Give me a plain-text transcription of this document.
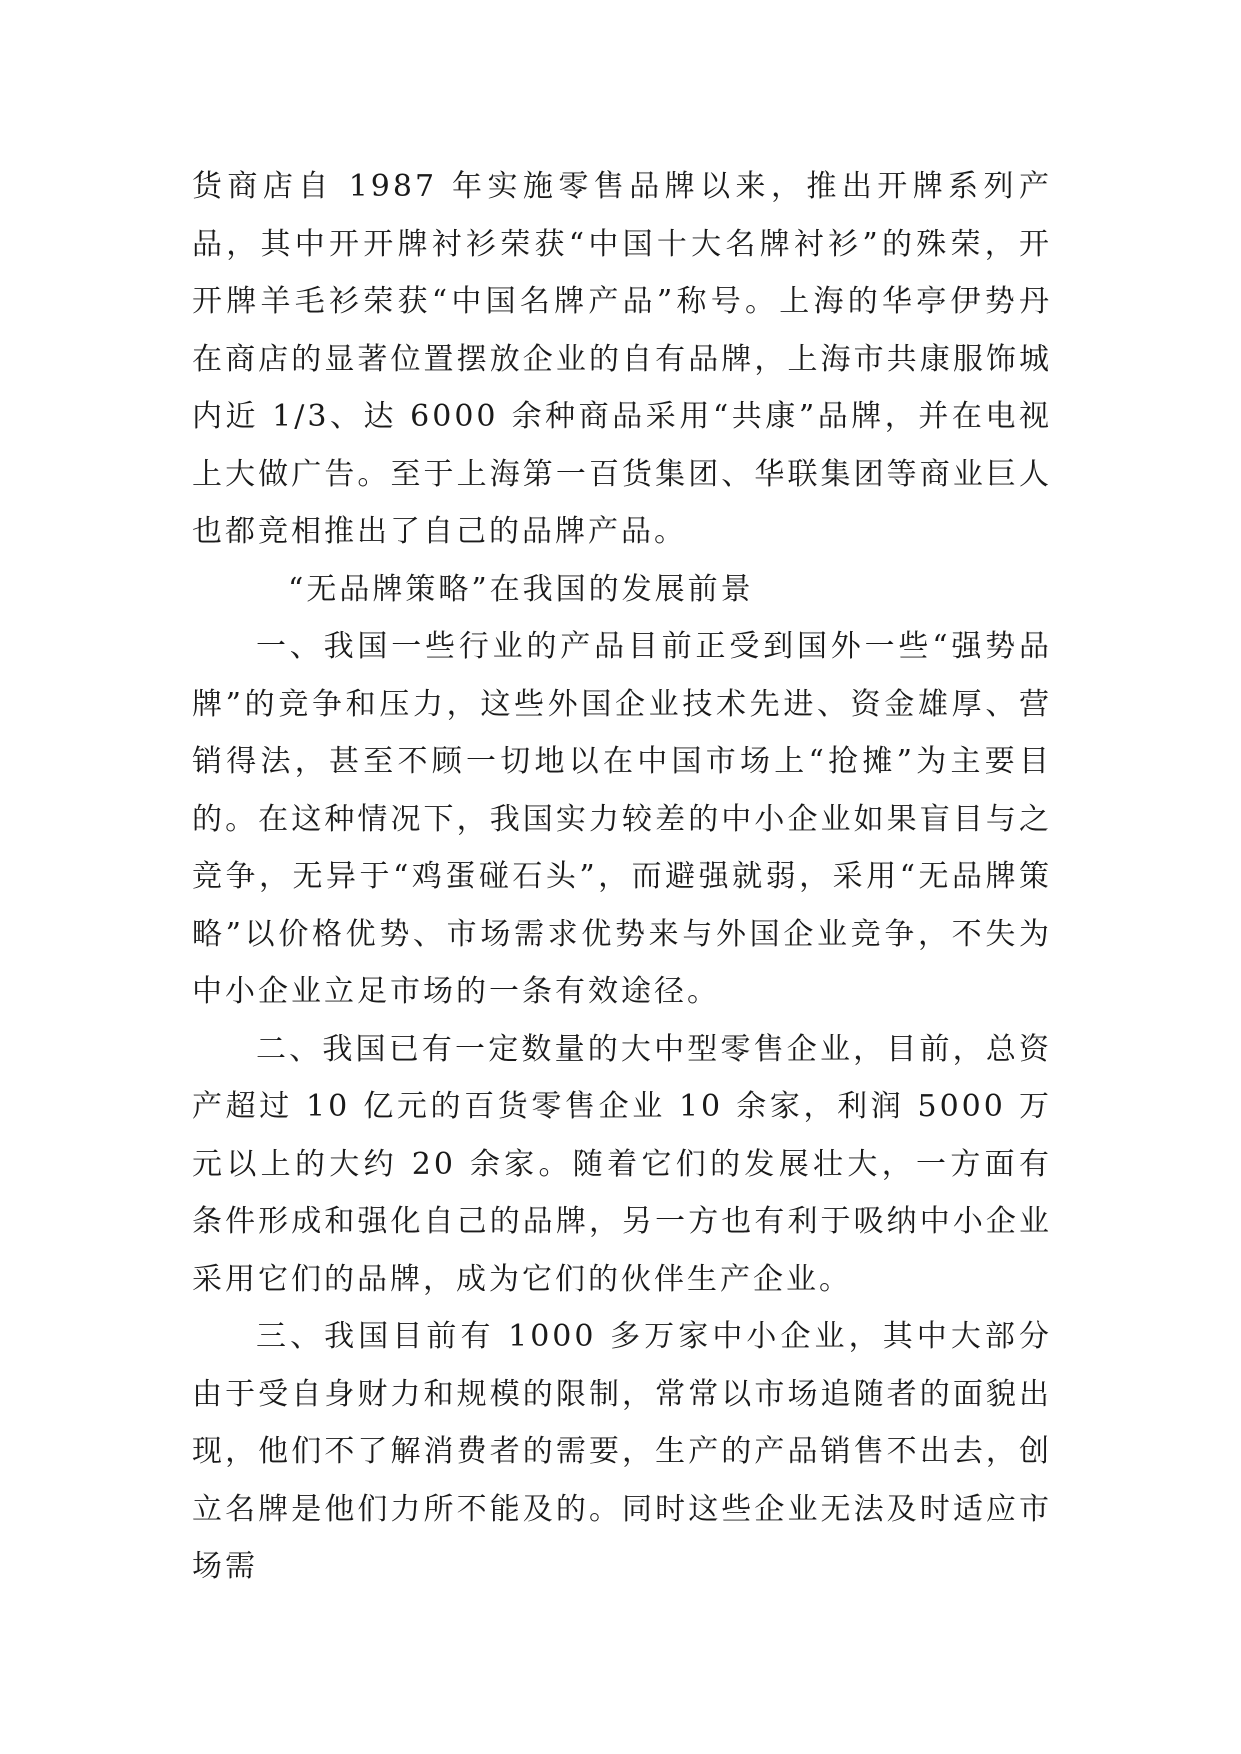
货商店自 1987 年实施零售品牌以来，推出开牌系列产品，其中开开牌衬衫荣获“中国十大名牌衬衫”的殊荣，开开牌羊毛衫荣获“中国名牌产品”称号。上海的华亭伊势丹在商店的显著位置摆放企业的自有品牌，上海市共康服饰城内近 1/3、达 6000 余种商品采用“共康”品牌，并在电视上大做广告。至于上海第一百货集团、华联集团等商业巨人也都竞相推出了自己的品牌产品。

“无品牌策略”在我国的发展前景

一、我国一些行业的产品目前正受到国外一些“强势品牌”的竞争和压力，这些外国企业技术先进、资金雄厚、营销得法，甚至不顾一切地以在中国市场上“抢摊”为主要目的。在这种情况下，我国实力较差的中小企业如果盲目与之竞争，无异于“鸡蛋碰石头”，而避强就弱，采用“无品牌策略”以价格优势、市场需求优势来与外国企业竞争，不失为中小企业立足市场的一条有效途径。

二、我国已有一定数量的大中型零售企业，目前，总资产超过 10 亿元的百货零售企业 10 余家，利润 5000 万元以上的大约 20 余家。随着它们的发展壮大，一方面有条件形成和强化自己的品牌，另一方也有利于吸纳中小企业采用它们的品牌，成为它们的伙伴生产企业。

三、我国目前有 1000 多万家中小企业，其中大部分由于受自身财力和规模的限制，常常以市场追随者的面貌出现，他们不了解消费者的需要，生产的产品销售不出去，创立名牌是他们力所不能及的。同时这些企业无法及时适应市场需
